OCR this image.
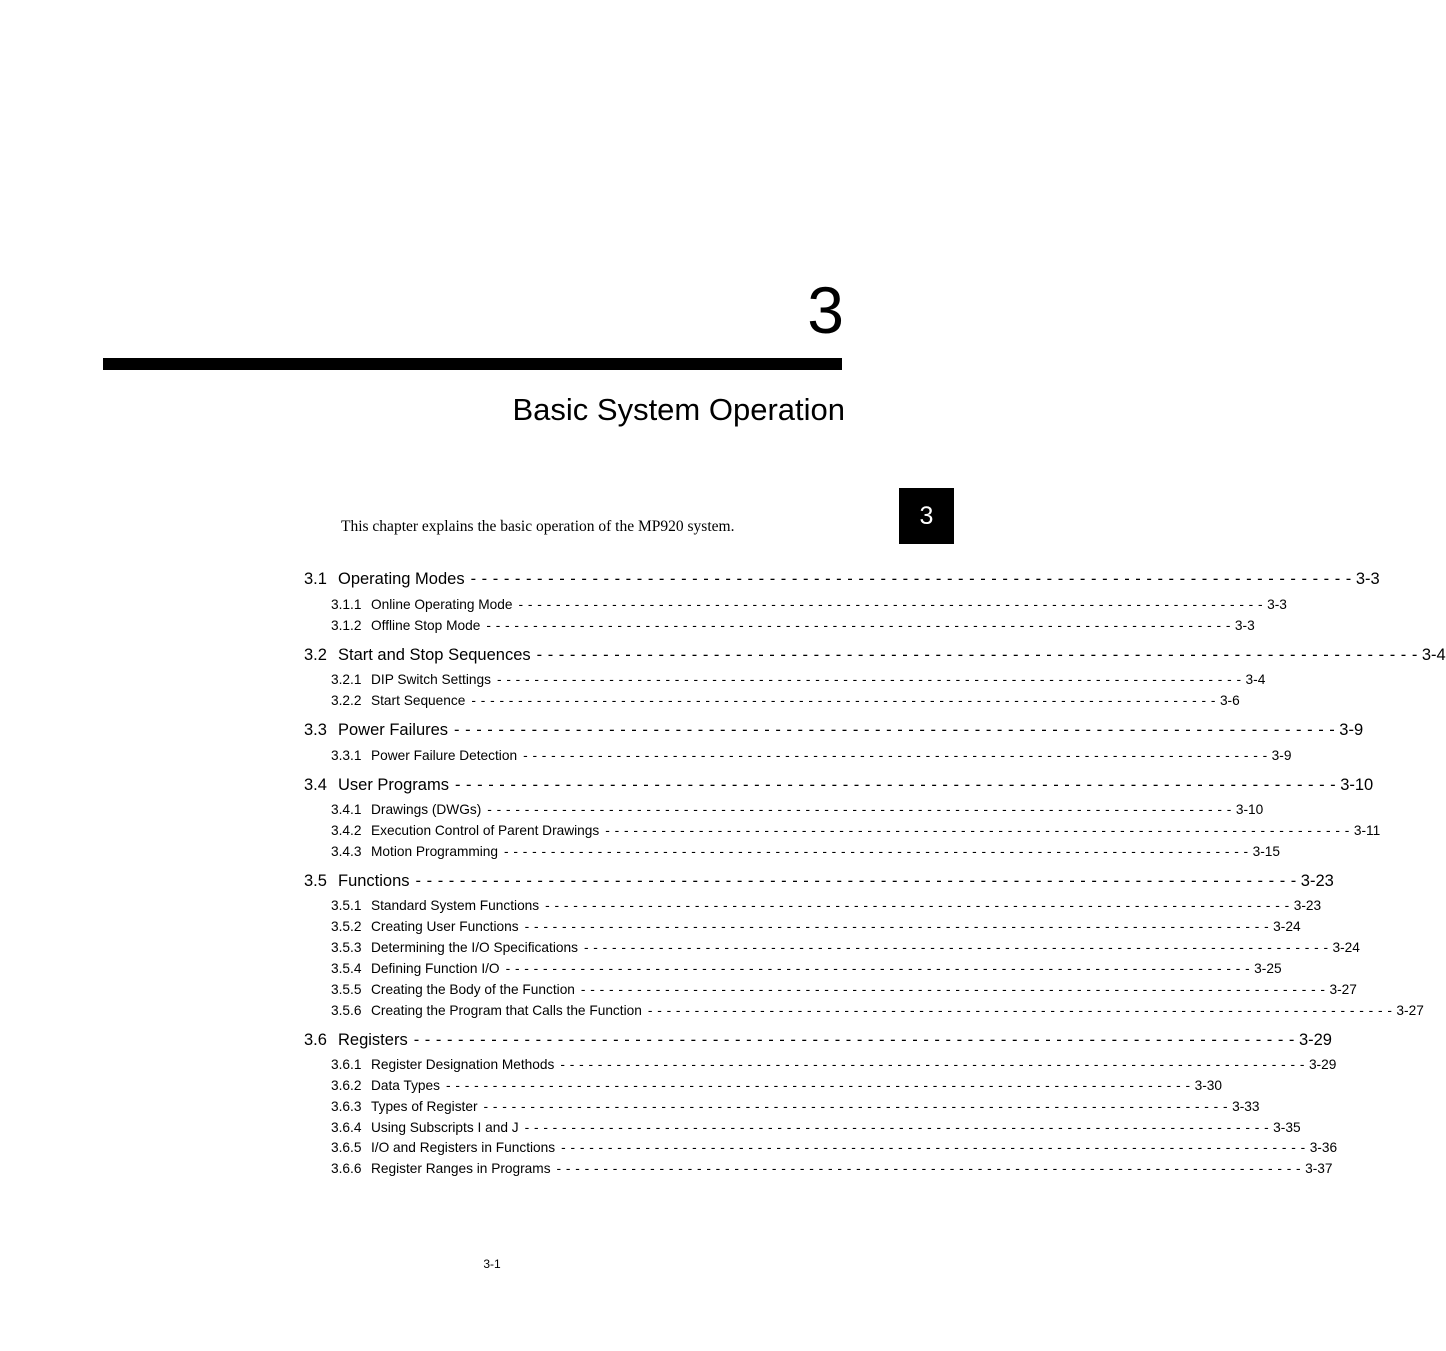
3
Basic System Operation
3

This chapter explains the basic operation of the MP920 system.

3.1 Operating Modes - - - - - - - - - - - - - - - - - - - - - - - - - - - - - - - - - - - - - - - - - - - - - - - - - - - - - - - - - - - - - - - - - - - - - - - - - - - - - - - - 3-3
3.1.1 Online Operating Mode - - - - - - - - - - - - - - - - - - - - - - - - - - - - - - - - - - - - - - - - - - - - - - - - - - - - - - - - - - - - - - - - - - - - - - - - - - - - - - - - 3-3
3.1.2 Offline Stop Mode - - - - - - - - - - - - - - - - - - - - - - - - - - - - - - - - - - - - - - - - - - - - - - - - - - - - - - - - - - - - - - - - - - - - - - - - - - - - - - - - 3-3
3.2 Start and Stop Sequences - - - - - - - - - - - - - - - - - - - - - - - - - - - - - - - - - - - - - - - - - - - - - - - - - - - - - - - - - - - - - - - - - - - - - - - - - - - - - - - - 3-4
3.2.1 DIP Switch Settings - - - - - - - - - - - - - - - - - - - - - - - - - - - - - - - - - - - - - - - - - - - - - - - - - - - - - - - - - - - - - - - - - - - - - - - - - - - - - - - - 3-4
3.2.2 Start Sequence - - - - - - - - - - - - - - - - - - - - - - - - - - - - - - - - - - - - - - - - - - - - - - - - - - - - - - - - - - - - - - - - - - - - - - - - - - - - - - - - 3-6
3.3 Power Failures - - - - - - - - - - - - - - - - - - - - - - - - - - - - - - - - - - - - - - - - - - - - - - - - - - - - - - - - - - - - - - - - - - - - - - - - - - - - - - - - 3-9
3.3.1 Power Failure Detection - - - - - - - - - - - - - - - - - - - - - - - - - - - - - - - - - - - - - - - - - - - - - - - - - - - - - - - - - - - - - - - - - - - - - - - - - - - - - - - - 3-9
3.4 User Programs - - - - - - - - - - - - - - - - - - - - - - - - - - - - - - - - - - - - - - - - - - - - - - - - - - - - - - - - - - - - - - - - - - - - - - - - - - - - - - - - 3-10
3.4.1 Drawings (DWGs) - - - - - - - - - - - - - - - - - - - - - - - - - - - - - - - - - - - - - - - - - - - - - - - - - - - - - - - - - - - - - - - - - - - - - - - - - - - - - - - - 3-10
3.4.2 Execution Control of Parent Drawings - - - - - - - - - - - - - - - - - - - - - - - - - - - - - - - - - - - - - - - - - - - - - - - - - - - - - - - - - - - - - - - - - - - - - - - - - - - - - - - - 3-11
3.4.3 Motion Programming - - - - - - - - - - - - - - - - - - - - - - - - - - - - - - - - - - - - - - - - - - - - - - - - - - - - - - - - - - - - - - - - - - - - - - - - - - - - - - - - 3-15
3.5 Functions - - - - - - - - - - - - - - - - - - - - - - - - - - - - - - - - - - - - - - - - - - - - - - - - - - - - - - - - - - - - - - - - - - - - - - - - - - - - - - - - 3-23
3.5.1 Standard System Functions - - - - - - - - - - - - - - - - - - - - - - - - - - - - - - - - - - - - - - - - - - - - - - - - - - - - - - - - - - - - - - - - - - - - - - - - - - - - - - - - 3-23
3.5.2 Creating User Functions - - - - - - - - - - - - - - - - - - - - - - - - - - - - - - - - - - - - - - - - - - - - - - - - - - - - - - - - - - - - - - - - - - - - - - - - - - - - - - - - 3-24
3.5.3 Determining the I/O Specifications - - - - - - - - - - - - - - - - - - - - - - - - - - - - - - - - - - - - - - - - - - - - - - - - - - - - - - - - - - - - - - - - - - - - - - - - - - - - - - - - 3-24
3.5.4 Defining Function I/O - - - - - - - - - - - - - - - - - - - - - - - - - - - - - - - - - - - - - - - - - - - - - - - - - - - - - - - - - - - - - - - - - - - - - - - - - - - - - - - - 3-25
3.5.5 Creating the Body of the Function - - - - - - - - - - - - - - - - - - - - - - - - - - - - - - - - - - - - - - - - - - - - - - - - - - - - - - - - - - - - - - - - - - - - - - - - - - - - - - - - 3-27
3.5.6 Creating the Program that Calls the Function - - - - - - - - - - - - - - - - - - - - - - - - - - - - - - - - - - - - - - - - - - - - - - - - - - - - - - - - - - - - - - - - - - - - - - - - - - - - - - - - 3-27
3.6 Registers - - - - - - - - - - - - - - - - - - - - - - - - - - - - - - - - - - - - - - - - - - - - - - - - - - - - - - - - - - - - - - - - - - - - - - - - - - - - - - - - 3-29
3.6.1 Register Designation Methods - - - - - - - - - - - - - - - - - - - - - - - - - - - - - - - - - - - - - - - - - - - - - - - - - - - - - - - - - - - - - - - - - - - - - - - - - - - - - - - - 3-29
3.6.2 Data Types - - - - - - - - - - - - - - - - - - - - - - - - - - - - - - - - - - - - - - - - - - - - - - - - - - - - - - - - - - - - - - - - - - - - - - - - - - - - - - - - 3-30
3.6.3 Types of Register - - - - - - - - - - - - - - - - - - - - - - - - - - - - - - - - - - - - - - - - - - - - - - - - - - - - - - - - - - - - - - - - - - - - - - - - - - - - - - - - 3-33
3.6.4 Using Subscripts I and J - - - - - - - - - - - - - - - - - - - - - - - - - - - - - - - - - - - - - - - - - - - - - - - - - - - - - - - - - - - - - - - - - - - - - - - - - - - - - - - - 3-35
3.6.5 I/O and Registers in Functions - - - - - - - - - - - - - - - - - - - - - - - - - - - - - - - - - - - - - - - - - - - - - - - - - - - - - - - - - - - - - - - - - - - - - - - - - - - - - - - - 3-36
3.6.6 Register Ranges in Programs - - - - - - - - - - - - - - - - - - - - - - - - - - - - - - - - - - - - - - - - - - - - - - - - - - - - - - - - - - - - - - - - - - - - - - - - - - - - - - - - 3-37
3-1
